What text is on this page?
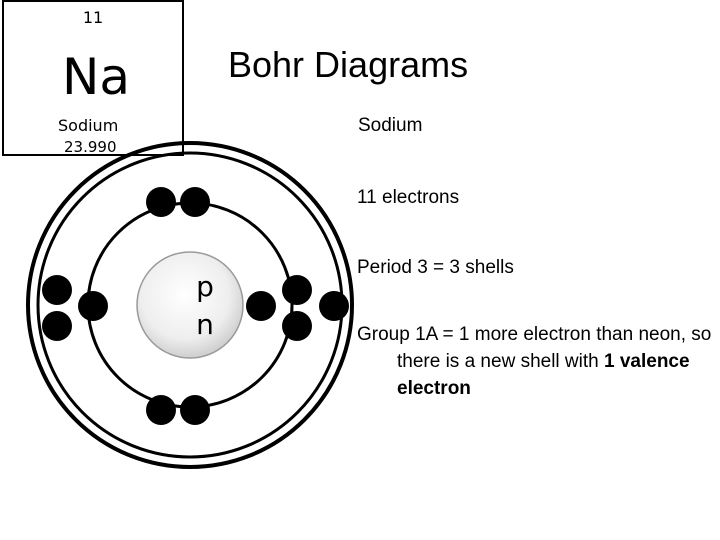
11
Na
Sodium
23.990
Bohr Diagrams
Sodium
11 electrons
Period 3 = 3 shells
Group 1A = 1 more electron than neon, so there is a new shell with 1 valence electron
p
n
